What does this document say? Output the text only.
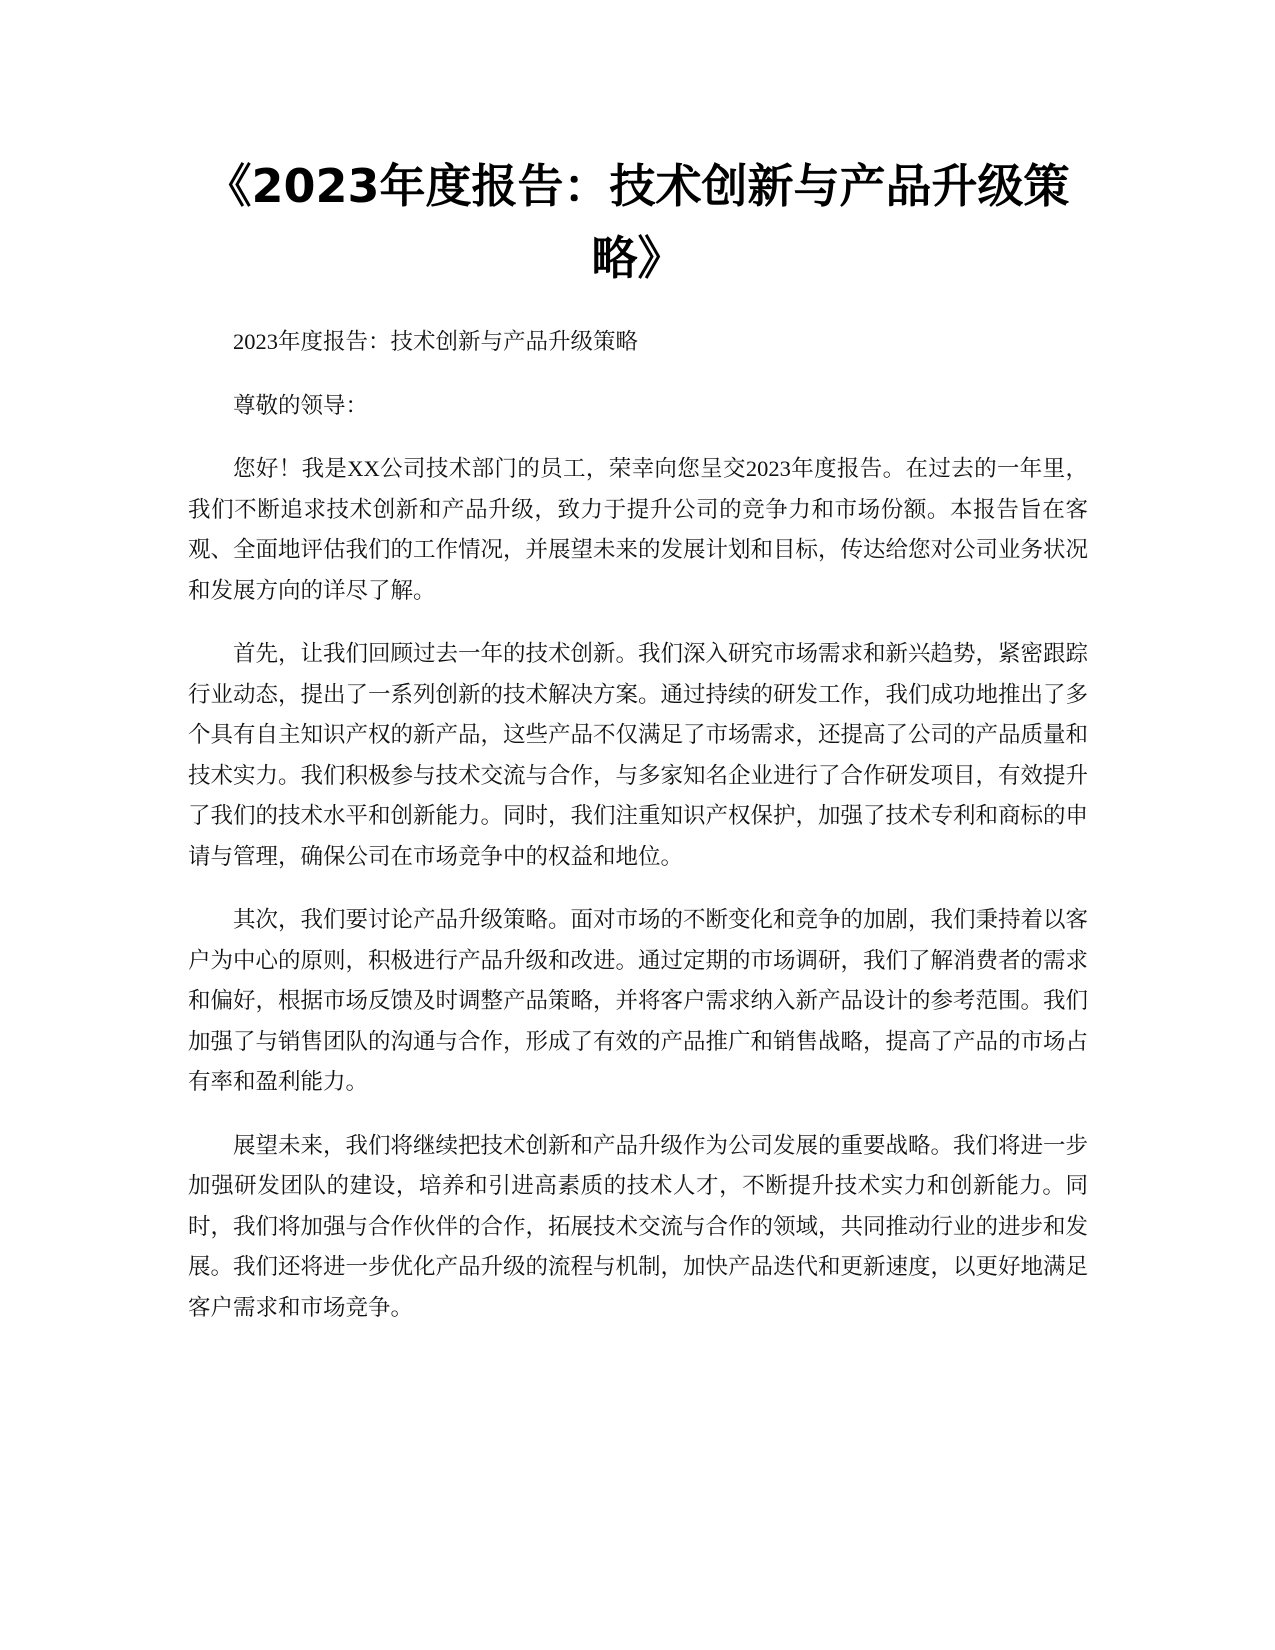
《2023年度报告：技术创新与产品升级策略》

2023年度报告：技术创新与产品升级策略

尊敬的领导：

您好！我是XX公司技术部门的员工，荣幸向您呈交2023年度报告。在过去的一年里，我们不断追求技术创新和产品升级，致力于提升公司的竞争力和市场份额。本报告旨在客观、全面地评估我们的工作情况，并展望未来的发展计划和目标，传达给您对公司业务状况和发展方向的详尽了解。

首先，让我们回顾过去一年的技术创新。我们深入研究市场需求和新兴趋势，紧密跟踪行业动态，提出了一系列创新的技术解决方案。通过持续的研发工作，我们成功地推出了多个具有自主知识产权的新产品，这些产品不仅满足了市场需求，还提高了公司的产品质量和技术实力。我们积极参与技术交流与合作，与多家知名企业进行了合作研发项目，有效提升了我们的技术水平和创新能力。同时，我们注重知识产权保护，加强了技术专利和商标的申请与管理，确保公司在市场竞争中的权益和地位。

其次，我们要讨论产品升级策略。面对市场的不断变化和竞争的加剧，我们秉持着以客户为中心的原则，积极进行产品升级和改进。通过定期的市场调研，我们了解消费者的需求和偏好，根据市场反馈及时调整产品策略，并将客户需求纳入新产品设计的参考范围。我们加强了与销售团队的沟通与合作，形成了有效的产品推广和销售战略，提高了产品的市场占有率和盈利能力。

展望未来，我们将继续把技术创新和产品升级作为公司发展的重要战略。我们将进一步加强研发团队的建设，培养和引进高素质的技术人才，不断提升技术实力和创新能力。同时，我们将加强与合作伙伴的合作，拓展技术交流与合作的领域，共同推动行业的进步和发展。我们还将进一步优化产品升级的流程与机制，加快产品迭代和更新速度，以更好地满足客户需求和市场竞争。
